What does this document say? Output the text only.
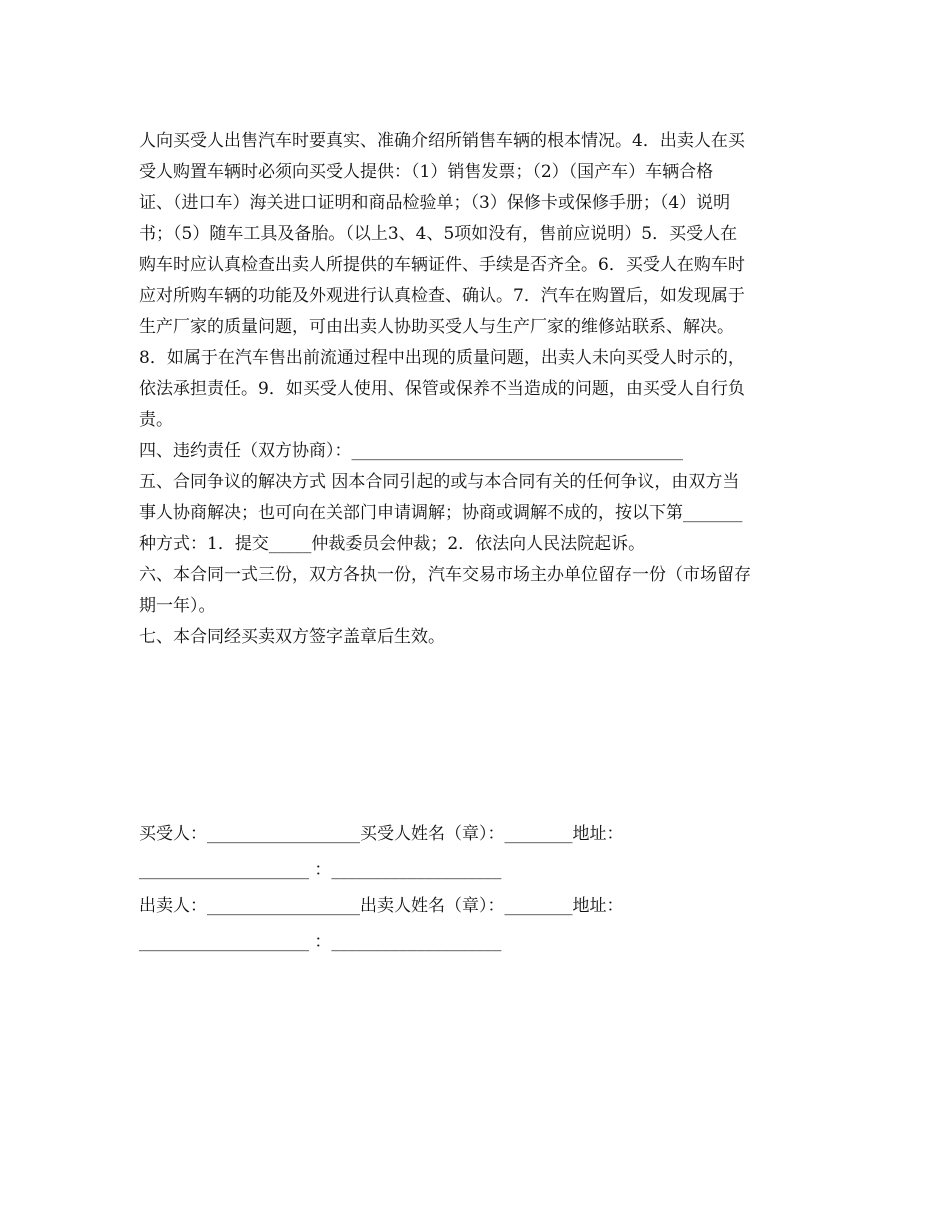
人向买受人出售汽车时要真实、准确介绍所销售车辆的根本情况。4．出卖人在买
受人购置车辆时必须向买受人提供：（1）销售发票；（2）（国产车）车辆合格
证、（进口车）海关进口证明和商品检验单；（3）保修卡或保修手册；（4）说明
书；（5）随车工具及备胎。（以上3、4、5项如没有，售前应说明）5．买受人在
购车时应认真检查出卖人所提供的车辆证件、手续是否齐全。6．买受人在购车时
应对所购车辆的功能及外观进行认真检查、确认。7．汽车在购置后，如发现属于
生产厂家的质量问题，可由出卖人协助买受人与生产厂家的维修站联系、解决。
8．如属于在汽车售出前流通过程中出现的质量问题，出卖人未向买受人时示的，
依法承担责任。9．如买受人使用、保管或保养不当造成的问题，由买受人自行负
责。
四、违约责任（双方协商）：_______________________________________
五、合同争议的解决方式 因本合同引起的或与本合同有关的任何争议，由双方当
事人协商解决；也可向在关部门申请调解；协商或调解不成的，按以下第_______
种方式：1．提交_____仲裁委员会仲裁；2．依法向人民法院起诉。
六、本合同一式三份，双方各执一份，汽车交易市场主办单位留存一份（市场留存
期一年）。
七、本合同经买卖双方签字盖章后生效。
买受人：__________________买受人姓名（章）：________地址：
____________________ ：____________________
出卖人：__________________出卖人姓名（章）：________地址：
____________________ ：____________________
